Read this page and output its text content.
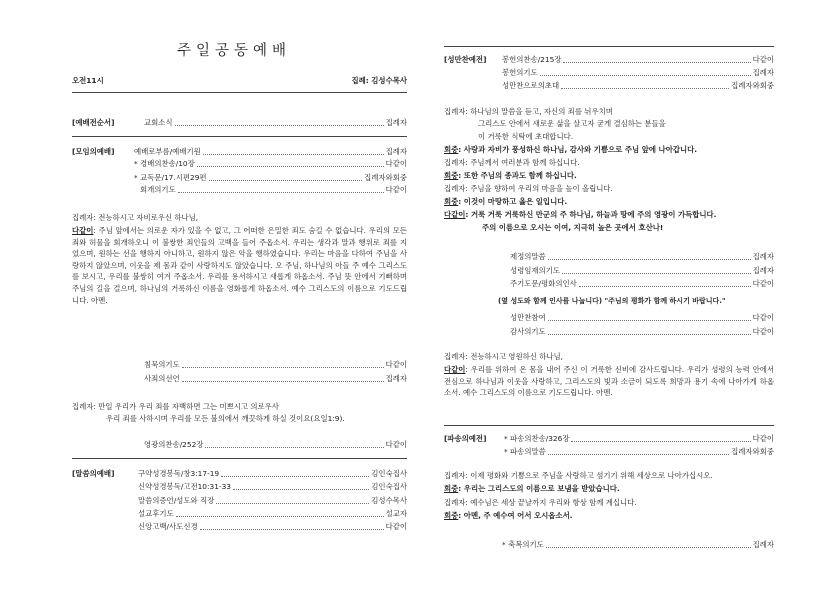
주일공동예배
오전11시	집례: 김성수목사
[예배전순서]	교회소식	집례자
[모임의예배]	예배로부름/예배기원	집례자
* 경배의찬송/10장	다같이
* 교독문/17.시편29편	집례자와회중
회개의기도	다같이
집례자: 전능하시고 자비로우신 하나님,
다같이: 주님 앞에서는 의로운 자가 있을 수 없고, 그 어떠한 은밀한 죄도 숨길 수 없습니다. 우리의 모든 죄와 허물을 회개하오니 이 불쌍한 죄인들의 고백을 들어 주옵소서. 우리는 생각과 말과 행위로 죄를 지었으며, 원하는 선을 행하지 아니하고, 원하지 않은 악을 행하였습니다. 우리는 마음을 다하여 주님을 사랑하지 않았으며, 이웃을 제 몸과 같이 사랑하지도 않았습니다. 오 주님, 하나님의 아들 주 예수 그리스도를 보시고, 우리를 불쌍히 여겨 주옵소서. 우리를 용서하시고 새롭게 하옵소서. 주님 뜻 안에서 기뻐하며 주님의 길을 걸으며, 하나님의 거룩하신 이름을 영화롭게 하옵소서. 예수 그리스도의 이름으로 기도드립니다. 아멘.
침묵의기도	다같이
사죄의선언	집례자
집례자: 만일 우리가 우리 죄를 자백하면 그는 미쁘시고 의로우사
우리 죄를 사하시며 우리를 모든 불의에서 깨끗하게 하실 것이요(요일1:9).
영광의찬송/252장	다같이
[말씀의예배]	구약성경봉독/창3:17-19	김인숙집사
신약성경봉독/고전10:31-33	김인숙집사
말씀의증언/성도와 직장	김성수목사
설교후기도	설교자
신앙고백/사도신경	다같이
[성만찬예전] 봉헌의찬송/215장	다같이
봉헌의기도	집례자
성만찬으로의초대	집례자와회중
집례자: 하나님의 말씀을 듣고, 자신의 죄를 뉘우치며
그리스도 안에서 새로운 삶을 살고자 굳게 결심하는 분들을
이 거룩한 식탁에 초대합니다.
회중: 사랑과 자비가 풍성하신 하나님, 감사와 기쁨으로 주님 앞에 나아갑니다.
집례자: 주님께서 여러분과 함께 하십니다.
회중: 또한 주님의 종과도 함께 하십니다.
집례자: 주님을 향하여 우리의 마음을 높이 올립니다.
회중: 이것이 마땅하고 옳은 일입니다.
다같이: 거룩 거룩 거룩하신 만군의 주 하나님, 하늘과 땅에 주의 영광이 가득합니다.
주의 이름으로 오시는 이여, 지극히 높은 곳에서 호산나!
제정의말씀	집례자
성령임재의기도	집례자
주기도문/평화의인사	다같이
(옆 성도와 함께 인사를 나눕니다) "주님의 평화가 함께 하시기 바랍니다."
성만찬참여	다같이
감사의기도	다같이
집례자: 전능하시고 영원하신 하나님,
다같이: 우리를 위하여 온 몸을 내어 주신 이 거룩한 신비에 감사드립니다. 우리가 성령의 능력 안에서 전심으로 하나님과 이웃을 사랑하고, 그리스도의 빛과 소금이 되도록 희망과 용기 속에 나아가게 하옵소서. 예수 그리스도의 이름으로 기도드립니다. 아멘.
[파송의예전] * 파송의찬송/326장	다같이
* 파송의말씀	집례자와회중
집례자: 이제 평화와 기쁨으로 주님을 사랑하고 섬기기 위해 세상으로 나아가십시오.
회중: 우리는 그리스도의 이름으로 보냄을 받았습니다.
집례자: 예수님은 세상 끝날까지 우리와 항상 함께 계십니다.
회중: 아멘, 주 예수여 어서 오시옵소서.
* 축복의기도	집례자
